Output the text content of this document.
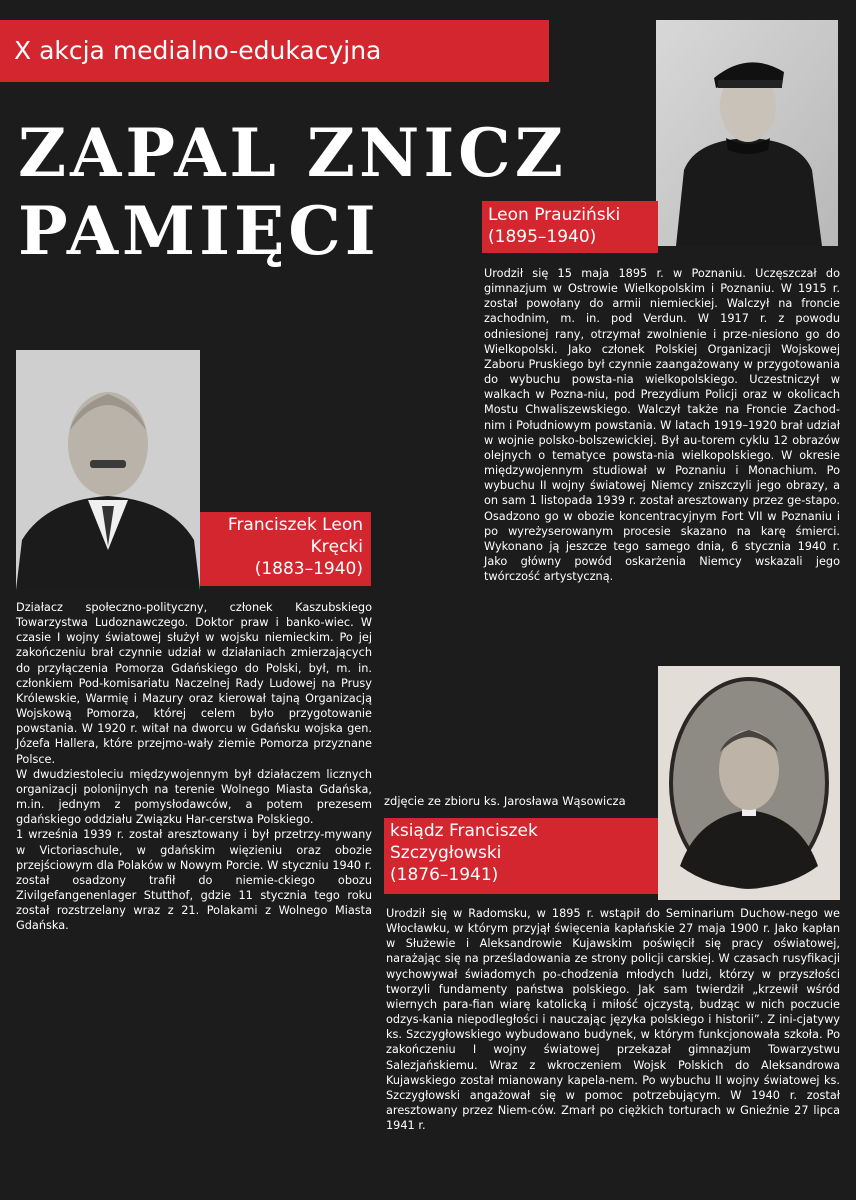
X akcja medialno-edukacyjna
ZAPAL ZNICZ
PAMIĘCI	Leon Prauziński
(1895–1940)

Urodził się 15 maja 1895 r. w Poznaniu. Uczęszczał do gimnazjum w Ostrowie Wielkopolskim i Poznaniu. W 1915 r. został powołany do armii niemieckiej. Walczył na froncie zachodnim, m. in. pod Verdun. W 1917 r. z powodu odniesionej rany, otrzymał zwolnienie i prze-niesiono go do Wielkopolski. Jako członek Polskiej Organizacji Wojskowej Zaboru Pruskiego był czynnie zaangażowany w przygotowania do wybuchu powsta-nia wielkopolskiego. Uczestniczył w walkach w Pozna-niu, pod Prezydium Policji oraz w okolicach Mostu Chwaliszewskiego. Walczył także na Froncie Zachod-nim i Południowym powstania. W latach 1919–1920 brał udział w wojnie polsko-bolszewickiej. Był au-torem cyklu 12 obrazów olejnych o tematyce powsta-nia wielkopolskiego. W okresie międzywojennym studiował w Poznaniu i Monachium. Po wybuchu II wojny światowej Niemcy zniszczyli jego obrazy, a on sam 1 listopada 1939 r. został aresztowany przez ge-stapo. Osadzono go w obozie koncentracyjnym Fort VII w Poznaniu i po wyreżyserowanym procesie skazano na karę śmierci. Wykonano ją jeszcze tego samego dnia, 6 stycznia 1940 r. Jako główny powód oskarżenia Niemcy wskazali jego twórczość artystyczną.

Franciszek Leon
Kręcki
(1883–1940)

Działacz społeczno-polityczny, członek Kaszubskiego Towarzystwa Ludoznawczego. Doktor praw i banko-wiec. W czasie I wojny światowej służył w wojsku niemieckim. Po jej zakończeniu brał czynnie udział w działaniach zmierzających do przyłączenia Pomorza Gdańskiego do Polski, był, m. in. członkiem Pod-komisariatu Naczelnej Rady Ludowej na Prusy Królewskie, Warmię i Mazury oraz kierował tajną Organizacją Wojskową Pomorza, której celem było przygotowanie powstania. W 1920 r. witał na dworcu w Gdańsku wojska gen. Józefa Hallera, które przejmo-wały ziemie Pomorza przyznane Polsce.

W dwudziestoleciu międzywojennym był działaczem licznych organizacji polonijnych na terenie Wolnego Miasta Gdańska, m.in. jednym z pomysłodawców, a potem prezesem gdańskiego oddziału Związku Har-cerstwa Polskiego.

1 września 1939 r. został aresztowany i był przetrzy-mywany w Victoriaschule, w gdańskim więzieniu oraz obozie przejściowym dla Polaków w Nowym Porcie. W styczniu 1940 r. został osadzony trafił do niemie-ckiego obozu Zivilgefangenenlager Stutthof, gdzie 11 stycznia tego roku został rozstrzelany wraz z 21. Polakami z Wolnego Miasta Gdańska.

zdjęcie ze zbioru ks. Jarosława Wąsowicza
ksiądz Franciszek
Szczygłowski
(1876–1941)

Urodził się w Radomsku, w 1895 r. wstąpił do Seminarium Duchow-nego we Włocławku, w którym przyjął święcenia kapłańskie 27 maja 1900 r. Jako kapłan w Służewie i Aleksandrowie Kujawskim poświęcił się pracy oświatowej, narażając się na prześladowania ze strony policji carskiej. W czasach rusyfikacji wychowywał świadomych po-chodzenia młodych ludzi, którzy w przyszłości tworzyli fundamenty państwa polskiego. Jak sam twierdził „krzewił wśród wiernych para-fian wiarę katolicką i miłość ojczystą, budząc w nich poczucie odzys-kania niepodległości i nauczając języka polskiego i historii”. Z ini-cjatywy ks. Szczygłowskiego wybudowano budynek, w którym funkcjonowała szkoła. Po zakończeniu I wojny światowej przekazał gimnazjum Towarzystwu Salezjańskiemu. Wraz z wkroczeniem Wojsk Polskich do Aleksandrowa Kujawskiego został mianowany kapela-nem. Po wybuchu II wojny światowej ks. Szczygłowski angażował się w pomoc potrzebującym. W 1940 r. został aresztowany przez Niem-ców. Zmarł po ciężkich torturach w Gnieźnie 27 lipca 1941 r.
